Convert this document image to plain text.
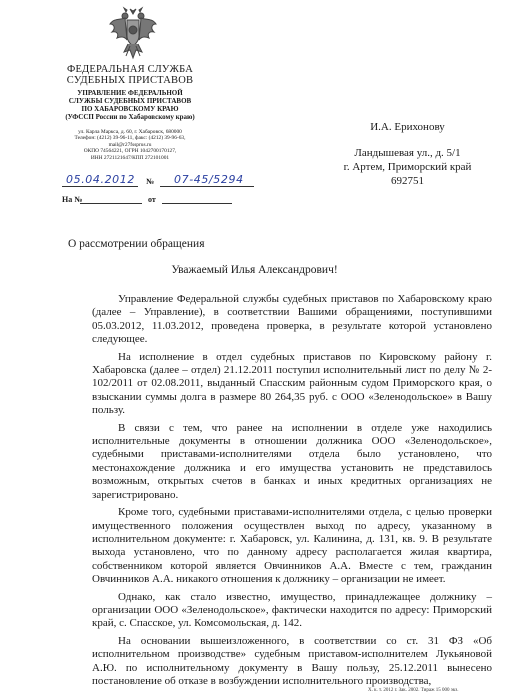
ФЕДЕРАЛЬНАЯ СЛУЖБА
СУДЕБНЫХ ПРИСТАВОВ
УПРАВЛЕНИЕ ФЕДЕРАЛЬНОЙ
СЛУЖБЫ СУДЕБНЫХ ПРИСТАВОВ
ПО ХАБАРОВСКОМУ КРАЮ
(УФССП России по Хабаровскому краю)
ул. Карла Маркса, д. 60, г. Хабаровск, 680000
Телефон: (4212) 39-96-11, факс: (4212) 39-96-63,
mail@r27fssprus.ru
ОКПО 74564221, ОГРН 1042700170127,
ИНН 2721121647/КПП 272101001
05.04.2012 № 07-45/5294
На №	от
И.А. Ерихонову
Ландышевая ул., д. 5/1
г. Артем, Приморский край
692751
О рассмотрении обращения
Уважаемый Илья Александрович!

Управление Федеральной службы судебных приставов по Хабаровскому краю (далее – Управление), в соответствии Вашими обращениями, поступившими 05.03.2012, 11.03.2012, проведена проверка, в результате которой установлено следующее.

На исполнение в отдел судебных приставов по Кировскому району г. Хабаровска (далее – отдел) 21.12.2011 поступил исполнительный лист по делу № 2-102/2011 от 02.08.2011, выданный Спасским районным судом Приморского края, о взыскании суммы долга в размере 80 264,35 руб. с ООО «Зеленодольское» в Вашу пользу.

В связи с тем, что ранее на исполнении в отделе уже находились исполнительные документы в отношении должника ООО «Зеленодольское», судебными приставами-исполнителями отдела было установлено, что местонахождение должника и его имущества установить не представилось возможным, открытых счетов в банках и иных кредитных организациях не зарегистрировано.

Кроме того, судебными приставами-исполнителями отдела, с целью проверки имущественного положения осуществлен выход по адресу, указанному в исполнительном документе: г. Хабаровск, ул. Калинина, д. 131, кв. 9. В результате выхода установлено, что по данному адресу располагается жилая квартира, собственником которой является Овчинников А.А. Вместе с тем, гражданин Овчинников А.А. никакого отношения к должнику – организации не имеет.

Однако, как стало известно, имущество, принадлежащее должнику – организации ООО «Зеленодольское», фактически находится по адресу: Приморский край, с. Спасское, ул. Комсомольская, д. 142.

На основании вышеизложенного, в соответствии со ст. 31 ФЗ «Об исполнительном производстве» судебным приставом-исполнителем Лукьяновой А.Ю. по исполнительному документу в Вашу пользу, 25.12.2011 вынесено постановление об отказе в возбуждении исполнительного производства,

Х. к. т. 2012 г. Зак. 2002. Тираж 15 000 экз.
